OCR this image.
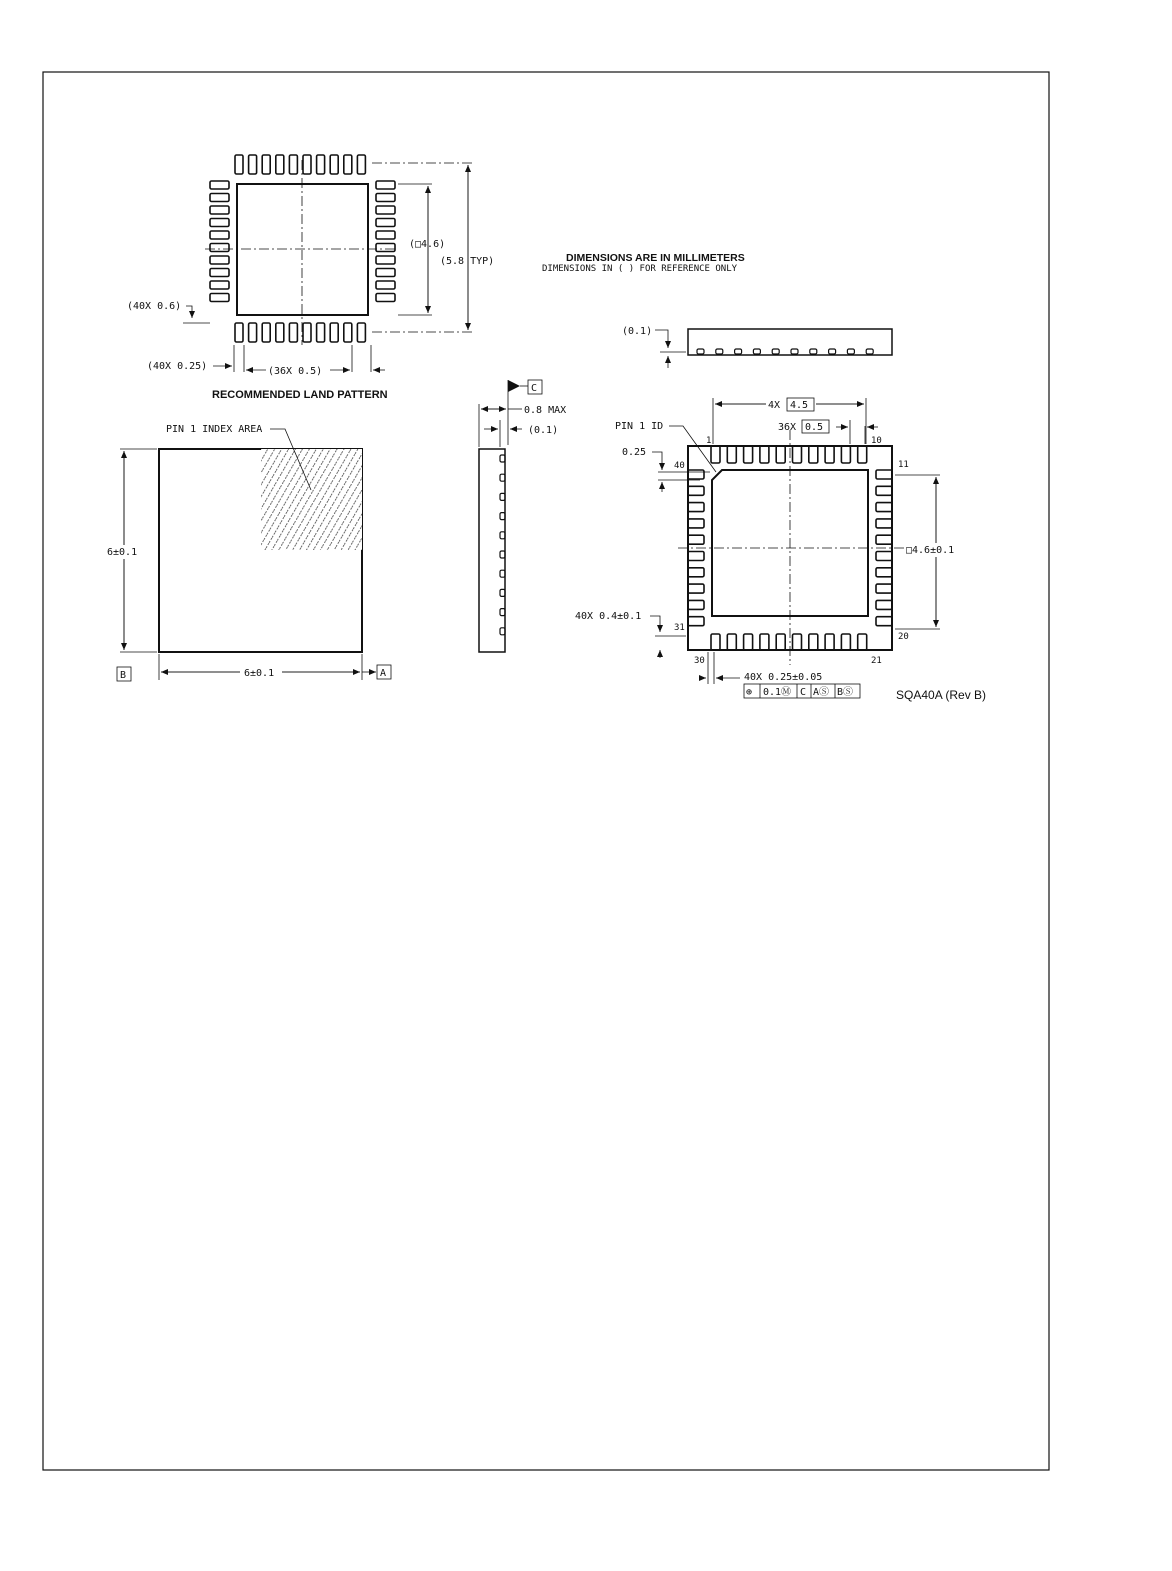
(□4.6)
(5.8 TYP)
(40X 0.6)
(40X 0.25)	(36X 0.5)
RECOMMENDED LAND PATTERN
DIMENSIONS ARE IN MILLIMETERS
DIMENSIONS IN ( ) FOR REFERENCE ONLY
PIN 1 INDEX AREA
6±0.1
6±0.1	A
B
C
0.8 MAX
(0.1)
(0.1)
4X 4.5
36X 0.5
PIN 1 ID
0.25
□4.6±0.1
40X 0.4±0.1
40X 0.25±0.05
⊕ 0.1Ⓜ C AⓈ BⓈ
1	10
11
20
21
30
31
40
SQA40A (Rev B)
